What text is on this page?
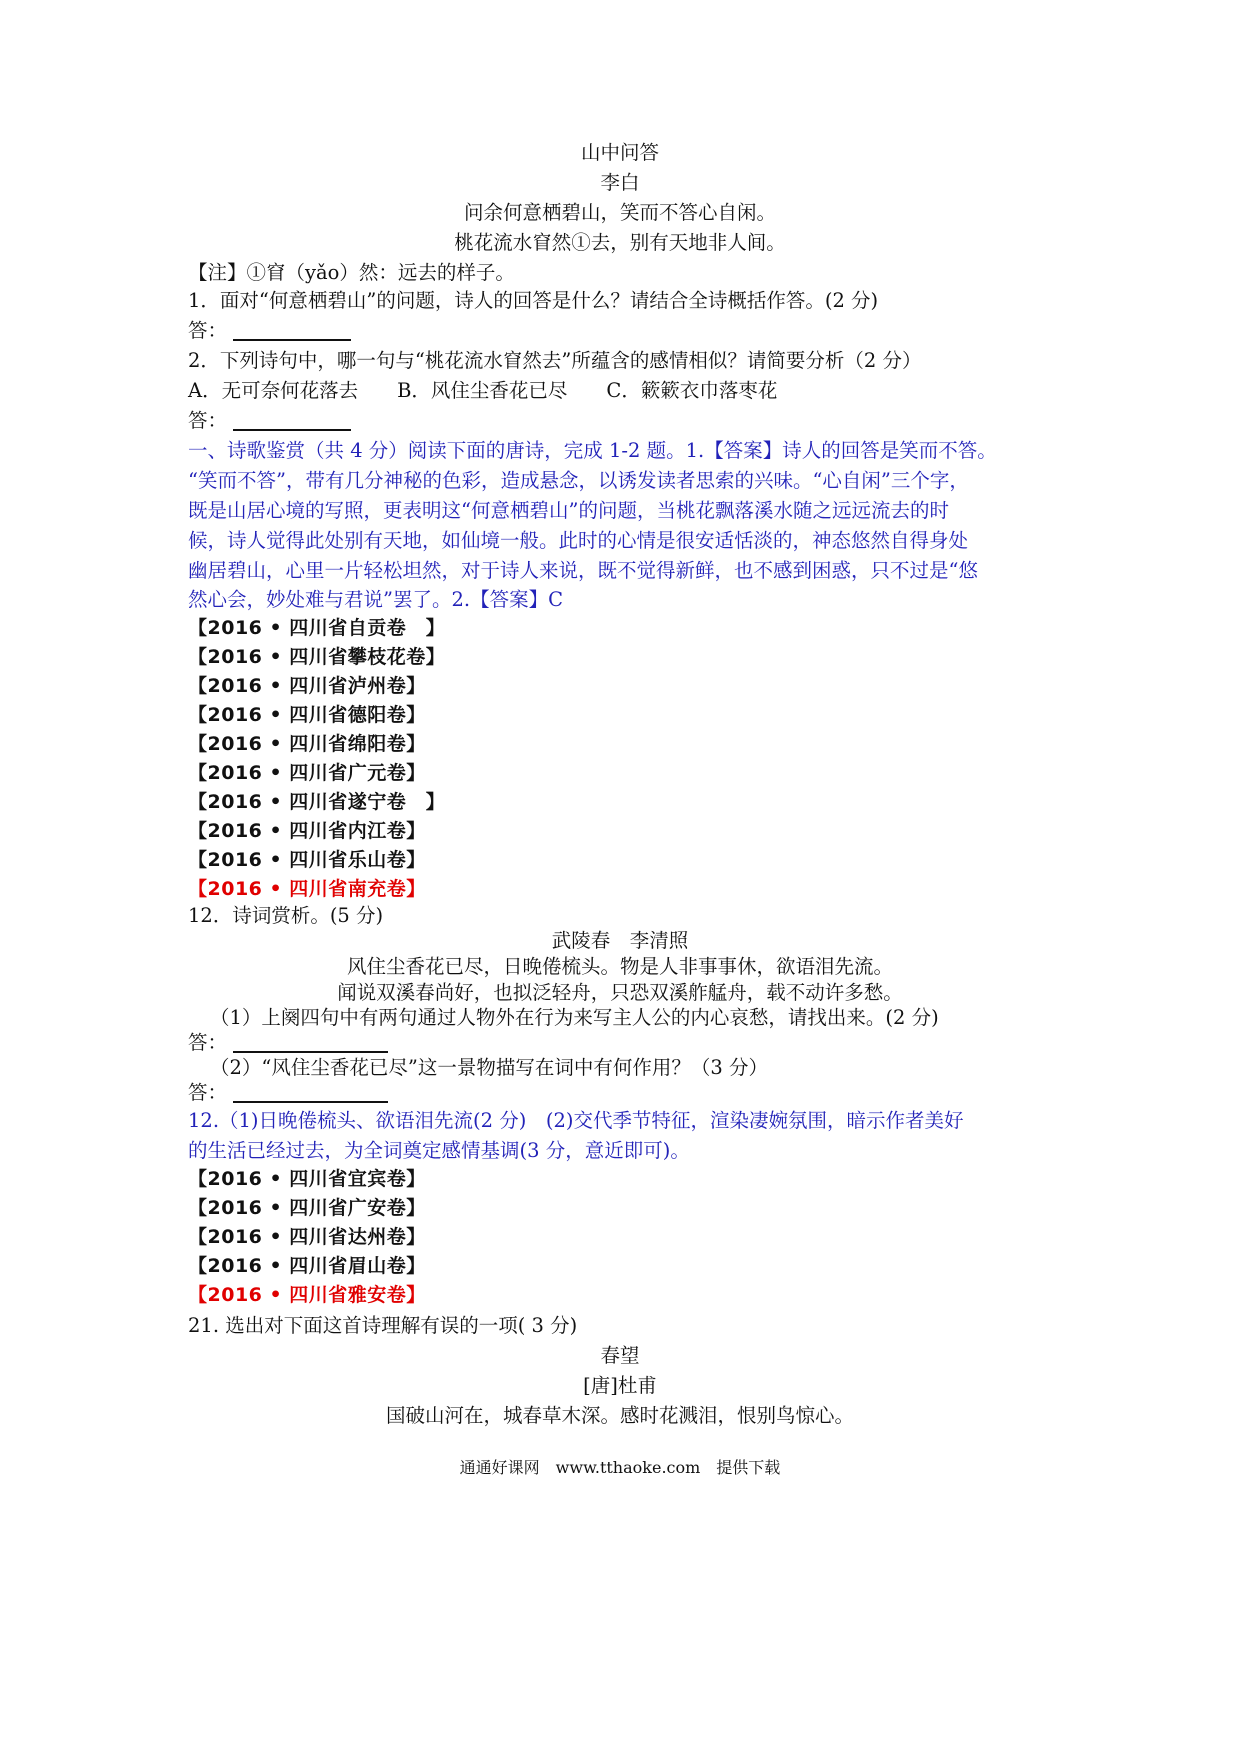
山中问答
李白
问余何意栖碧山，笑而不答心自闲。
桃花流水窅然①去，别有天地非人间。
【注】①窅（yǎo）然：远去的样子。
1．面对“何意栖碧山”的问题，诗人的回答是什么？请结合全诗概括作答。(2 分)
答：
2．下列诗句中，哪一句与“桃花流水窅然去”所蕴含的感情相似？请简要分析（2 分）
A．无可奈何花落去　　B．风住尘香花已尽　　C．簌簌衣巾落枣花
答：
一、诗歌鉴赏（共 4 分）阅读下面的唐诗，完成 1-2 题。1.【答案】诗人的回答是笑而不答。
“笑而不答”，带有几分神秘的色彩，造成悬念，以诱发读者思索的兴味。“心自闲”三个字，
既是山居心境的写照，更表明这“何意栖碧山”的问题，当桃花飘落溪水随之远远流去的时
候，诗人觉得此处别有天地，如仙境一般。此时的心情是很安适恬淡的，神态悠然自得身处
幽居碧山，心里一片轻松坦然，对于诗人来说，既不觉得新鲜，也不感到困惑，只不过是“悠
然心会，妙处难与君说”罢了。2.【答案】C
【2016 • 四川省自贡卷　】
【2016 • 四川省攀枝花卷】
【2016 • 四川省泸州卷】
【2016 • 四川省德阳卷】
【2016 • 四川省绵阳卷】
【2016 • 四川省广元卷】
【2016 • 四川省遂宁卷　】
【2016 • 四川省内江卷】
【2016 • 四川省乐山卷】
【2016 • 四川省南充卷】
12．诗词赏析。(5 分)
武陵春　李清照
风住尘香花已尽，日晚倦梳头。物是人非事事休，欲语泪先流。
闻说双溪春尚好，也拟泛轻舟，只恐双溪舴艋舟，载不动许多愁。
（1）上阕四句中有两句通过人物外在行为来写主人公的内心哀愁，请找出来。(2 分)
答：
（2）“风住尘香花已尽”这一景物描写在词中有何作用？（3 分）
答：
12.（1)日晚倦梳头、欲语泪先流(2 分)　(2)交代季节特征，渲染凄婉氛围，暗示作者美好
的生活已经过去，为全词奠定感情基调(3 分，意近即可)。
【2016 • 四川省宜宾卷】
【2016 • 四川省广安卷】
【2016 • 四川省达州卷】
【2016 • 四川省眉山卷】
【2016 • 四川省雅安卷】
21. 选出对下面这首诗理解有误的一项( 3 分)
春望
[唐]杜甫
国破山河在，城春草木深。感时花溅泪，恨别鸟惊心。
通通好课网　www.tthaoke.com　提供下载
